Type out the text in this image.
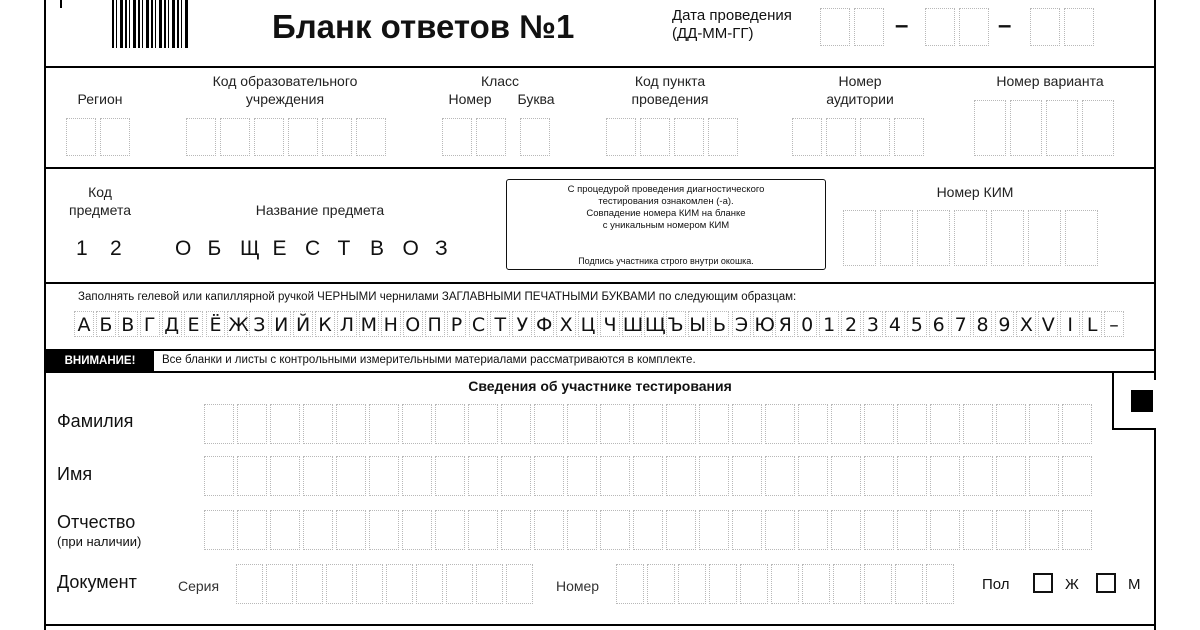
Бланк ответов №1	Дата проведения
(ДД-ММ-ГГ)	–	–
Регион
Код образовательного
учреждения
Класс
Номер	Буква
Код пункта
проведения
Номер
аудитории
Номер варианта
Код
предмета	Название предмета
1 2	О Б Щ Е С Т В О З
С процедурой проведения диагностического
тестирования ознакомлен (-а).
Совпадение номера КИМ на бланке
с уникальным номером КИМ
Подпись участника строго внутри окошка.
Номер КИМ
Заполнять гелевой или капиллярной ручкой ЧЕРНЫМИ чернилами ЗАГЛАВНЫМИ ПЕЧАТНЫМИ БУКВАМИ по следующим образцам:
А Б В Г Д Е Ё Ж З И Й К Л М Н О П Р С Т У Ф Х Ц Ч Ш Щ Ъ Ы Ь Э Ю Я 0 1 2 3 4 5 6 7 8 9 X V I L –
ВНИМАНИЕ!	Все бланки и листы с контрольными измерительными материалами рассматриваются в комплекте.
Сведения об участнике тестирования
Фамилия
Имя
Отчество
(при наличии)
Документ	Серия	Номер	Пол	Ж	М
